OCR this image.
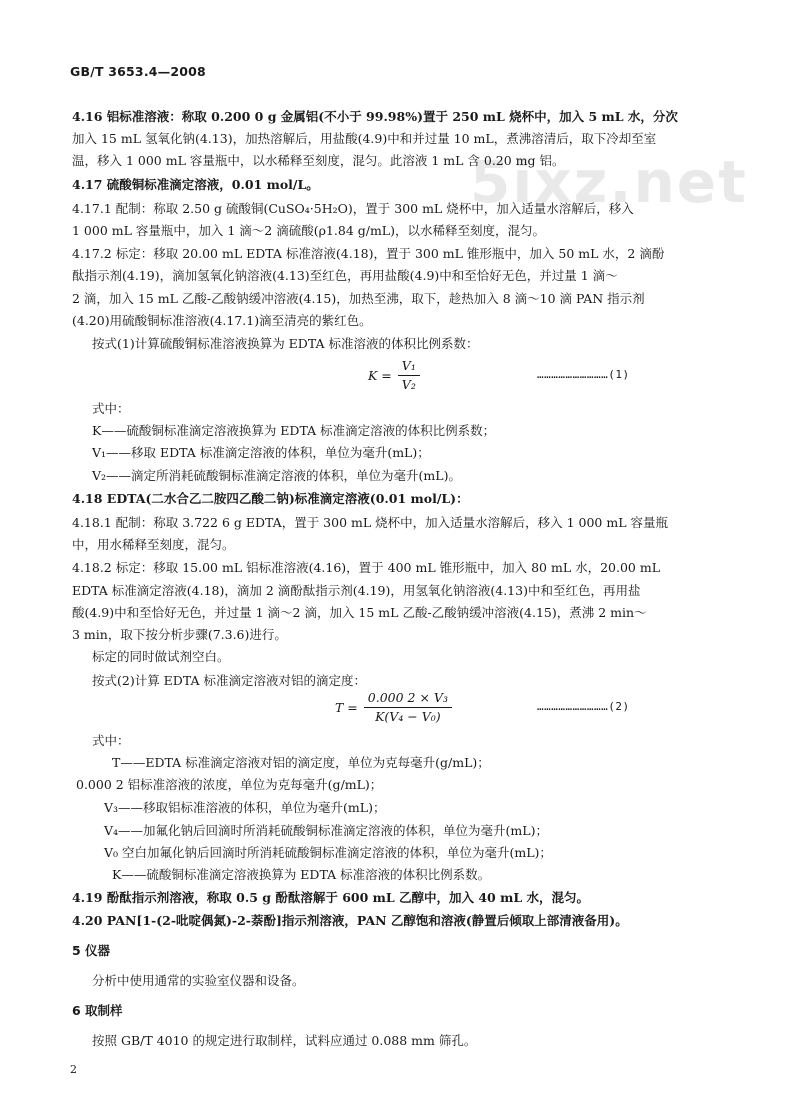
5ixz.net
GB/T 3653.4—2008
4.16 铝标准溶液：称取 0.200 0 g 金属铝(不小于 99.98%)置于 250 mL 烧杯中，加入 5 mL 水，分次
加入 15 mL 氢氧化钠(4.13)，加热溶解后，用盐酸(4.9)中和并过量 10 mL，煮沸溶清后，取下冷却至室
温，移入 1 000 mL 容量瓶中，以水稀释至刻度，混匀。此溶液 1 mL 含 0.20 mg 铝。
4.17 硫酸铜标准滴定溶液，0.01 mol/L。
4.17.1 配制：称取 2.50 g 硫酸铜(CuSO₄·5H₂O)，置于 300 mL 烧杯中，加入适量水溶解后，移入
1 000 mL 容量瓶中，加入 1 滴～2 滴硫酸(ρ1.84 g/mL)，以水稀释至刻度，混匀。
4.17.2 标定：移取 20.00 mL EDTA 标准溶液(4.18)，置于 300 mL 锥形瓶中，加入 50 mL 水，2 滴酚
酞指示剂(4.19)，滴加氢氧化钠溶液(4.13)至红色，再用盐酸(4.9)中和至恰好无色，并过量 1 滴～
2 滴，加入 15 mL 乙酸-乙酸钠缓冲溶液(4.15)，加热至沸，取下，趁热加入 8 滴～10 滴 PAN 指示剂
(4.20)用硫酸铜标准溶液(4.17.1)滴至清亮的紫红色。
按式(1)计算硫酸铜标准溶液换算为 EDTA 标准溶液的体积比例系数：
$K = \frac{\text{V₁}}{\text{V₂}}$	…………………………(1)
式中：
K——硫酸铜标准滴定溶液换算为 EDTA 标准滴定溶液的体积比例系数；
V₁——移取 EDTA 标准滴定溶液的体积，单位为毫升(mL)；
V₂——滴定所消耗硫酸铜标准滴定溶液的体积，单位为毫升(mL)。
4.18 EDTA(二水合乙二胺四乙酸二钠)标准滴定溶液(0.01 mol/L)：
4.18.1 配制：称取 3.722 6 g EDTA，置于 300 mL 烧杯中，加入适量水溶解后，移入 1 000 mL 容量瓶
中，用水稀释至刻度，混匀。
4.18.2 标定：移取 15.00 mL 铝标准溶液(4.16)，置于 400 mL 锥形瓶中，加入 80 mL 水，20.00 mL
EDTA 标准滴定溶液(4.18)，滴加 2 滴酚酞指示剂(4.19)，用氢氧化钠溶液(4.13)中和至红色，再用盐
酸(4.9)中和至恰好无色，并过量 1 滴～2 滴，加入 15 mL 乙酸-乙酸钠缓冲溶液(4.15)，煮沸 2 min～
3 min，取下按分析步骤(7.3.6)进行。
标定的同时做试剂空白。
按式(2)计算 EDTA 标准滴定溶液对铝的滴定度：
$T = \frac{\text{0.000 2 × V₃}}{\text{K(V₄ − V₀)}}$	…………………………(2)
式中：
T——EDTA 标准滴定溶液对铝的滴定度，单位为克每毫升(g/mL)；
0.000 2 铝标准溶液的浓度，单位为克每毫升(g/mL)；
V₃——移取铝标准溶液的体积，单位为毫升(mL)；
V₄——加氟化钠后回滴时所消耗硫酸铜标准滴定溶液的体积，单位为毫升(mL)；
V₀ 空白加氟化钠后回滴时所消耗硫酸铜标准滴定溶液的体积，单位为毫升(mL)；
K——硫酸铜标准滴定溶液换算为 EDTA 标准溶液的体积比例系数。
4.19 酚酞指示剂溶液，称取 0.5 g 酚酞溶解于 600 mL 乙醇中，加入 40 mL 水，混匀。
4.20 PAN[1-(2-吡啶偶氮)-2-萘酚]指示剂溶液，PAN 乙醇饱和溶液(静置后倾取上部清液备用)。
5 仪器
分析中使用通常的实验室仪器和设备。
6 取制样
按照 GB/T 4010 的规定进行取制样，试料应通过 0.088 mm 筛孔。
2
